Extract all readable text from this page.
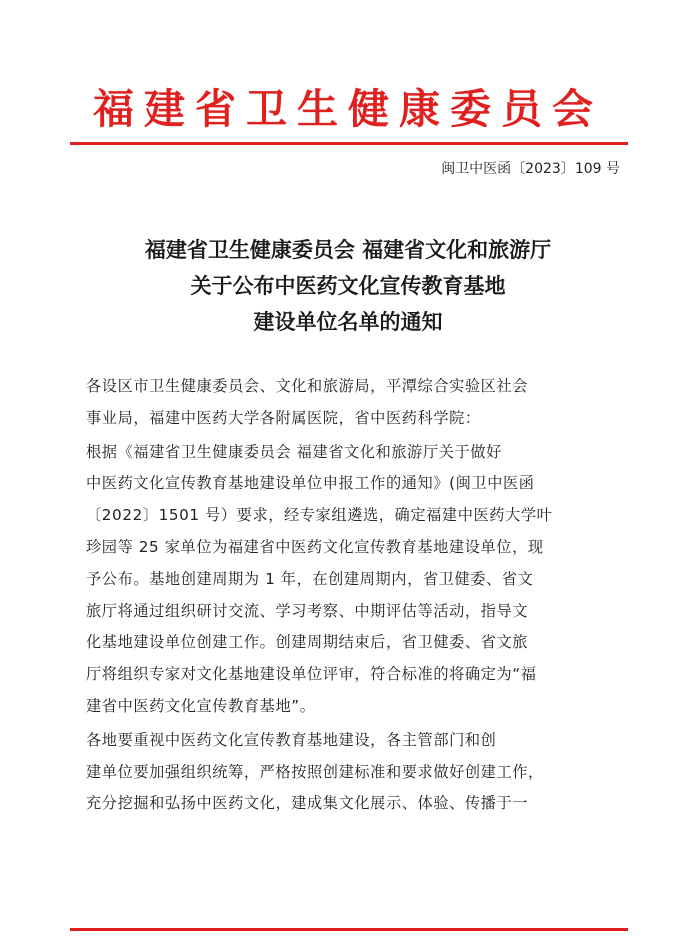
福建省卫生健康委员会
闽卫中医函〔2023〕109 号
福建省卫生健康委员会 福建省文化和旅游厅
关于公布中医药文化宣传教育基地
建设单位名单的通知
各设区市卫生健康委员会、文化和旅游局，平潭综合实验区社会
事业局，福建中医药大学各附属医院，省中医药科学院：
根据《福建省卫生健康委员会 福建省文化和旅游厅关于做好
中医药文化宣传教育基地建设单位申报工作的通知》(闽卫中医函
〔2022〕1501 号）要求，经专家组遴选，确定福建中医药大学叶
珍园等 25 家单位为福建省中医药文化宣传教育基地建设单位，现
予公布。基地创建周期为 1 年，在创建周期内，省卫健委、省文
旅厅将通过组织研讨交流、学习考察、中期评估等活动，指导文
化基地建设单位创建工作。创建周期结束后，省卫健委、省文旅
厅将组织专家对文化基地建设单位评审，符合标准的将确定为“福
建省中医药文化宣传教育基地”。
各地要重视中医药文化宣传教育基地建设，各主管部门和创
建单位要加强组织统筹，严格按照创建标准和要求做好创建工作，
充分挖掘和弘扬中医药文化，建成集文化展示、体验、传播于一
